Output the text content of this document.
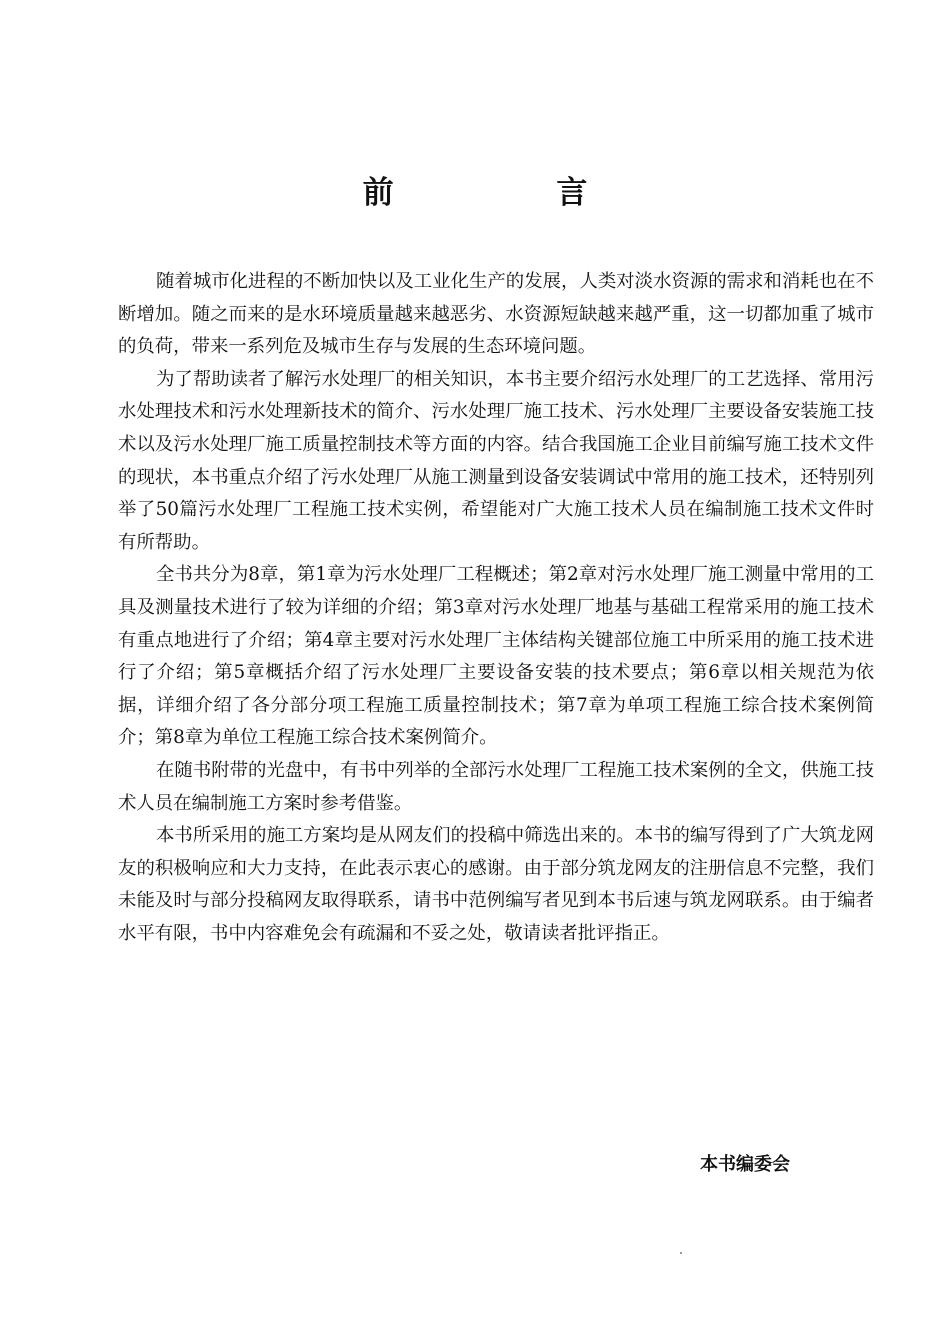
前 言

随着城市化进程的不断加快以及工业化生产的发展，人类对淡水资源的需求和消耗也在不断增加。随之而来的是水环境质量越来越恶劣、水资源短缺越来越严重，这一切都加重了城市的负荷，带来一系列危及城市生存与发展的生态环境问题。

为了帮助读者了解污水处理厂的相关知识，本书主要介绍污水处理厂的工艺选择、常用污水处理技术和污水处理新技术的简介、污水处理厂施工技术、污水处理厂主要设备安装施工技术以及污水处理厂施工质量控制技术等方面的内容。结合我国施工企业目前编写施工技术文件的现状，本书重点介绍了污水处理厂从施工测量到设备安装调试中常用的施工技术，还特别列举了50篇污水处理厂工程施工技术实例，希望能对广大施工技术人员在编制施工技术文件时有所帮助。

全书共分为8章，第1章为污水处理厂工程概述；第2章对污水处理厂施工测量中常用的工具及测量技术进行了较为详细的介绍；第3章对污水处理厂地基与基础工程常采用的施工技术有重点地进行了介绍；第4章主要对污水处理厂主体结构关键部位施工中所采用的施工技术进行了介绍；第5章概括介绍了污水处理厂主要设备安装的技术要点；第6章以相关规范为依据，详细介绍了各分部分项工程施工质量控制技术；第7章为单项工程施工综合技术案例简介；第8章为单位工程施工综合技术案例简介。

在随书附带的光盘中，有书中列举的全部污水处理厂工程施工技术案例的全文，供施工技术人员在编制施工方案时参考借鉴。

本书所采用的施工方案均是从网友们的投稿中筛选出来的。本书的编写得到了广大筑龙网友的积极响应和大力支持，在此表示衷心的感谢。由于部分筑龙网友的注册信息不完整，我们未能及时与部分投稿网友取得联系，请书中范例编写者见到本书后速与筑龙网联系。由于编者水平有限，书中内容难免会有疏漏和不妥之处，敬请读者批评指正。

本书编委会
